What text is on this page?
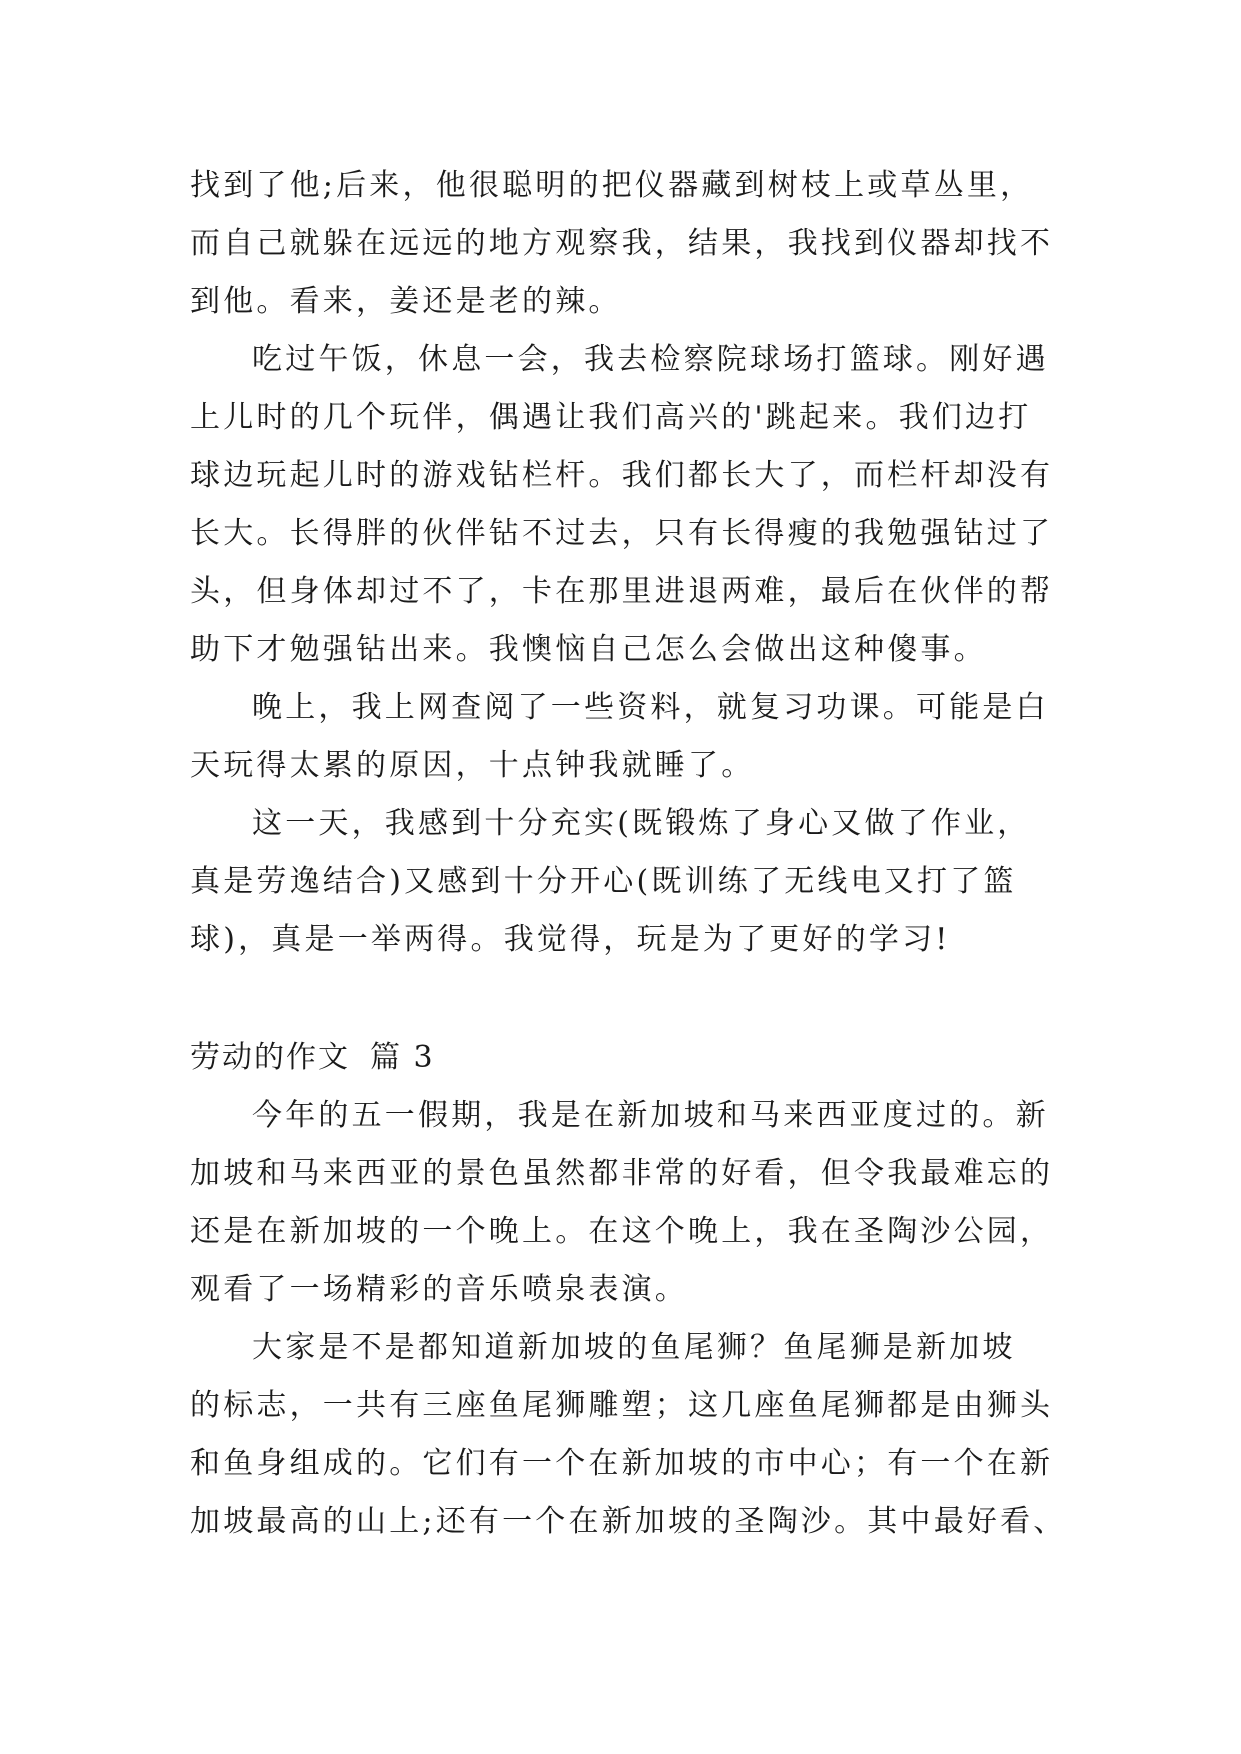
找到了他;后来，他很聪明的把仪器藏到树枝上或草丛里，
而自己就躲在远远的地方观察我，结果，我找到仪器却找不
到他。看来，姜还是老的辣。
吃过午饭，休息一会，我去检察院球场打篮球。刚好遇
上儿时的几个玩伴，偶遇让我们高兴的'跳起来。我们边打
球边玩起儿时的游戏钻栏杆。我们都长大了，而栏杆却没有
长大。长得胖的伙伴钻不过去，只有长得瘦的我勉强钻过了
头，但身体却过不了，卡在那里进退两难，最后在伙伴的帮
助下才勉强钻出来。我懊恼自己怎么会做出这种傻事。
晚上，我上网查阅了一些资料，就复习功课。可能是白
天玩得太累的原因，十点钟我就睡了。
这一天，我感到十分充实(既锻炼了身心又做了作业，
真是劳逸结合)又感到十分开心(既训练了无线电又打了篮
球)，真是一举两得。我觉得，玩是为了更好的学习!
劳动的作文 篇 3
今年的五一假期，我是在新加坡和马来西亚度过的。新
加坡和马来西亚的景色虽然都非常的好看，但令我最难忘的
还是在新加坡的一个晚上。在这个晚上，我在圣陶沙公园，
观看了一场精彩的音乐喷泉表演。
大家是不是都知道新加坡的鱼尾狮？鱼尾狮是新加坡
的标志，一共有三座鱼尾狮雕塑；这几座鱼尾狮都是由狮头
和鱼身组成的。它们有一个在新加坡的市中心；有一个在新
加坡最高的山上;还有一个在新加坡的圣陶沙。其中最好看、
